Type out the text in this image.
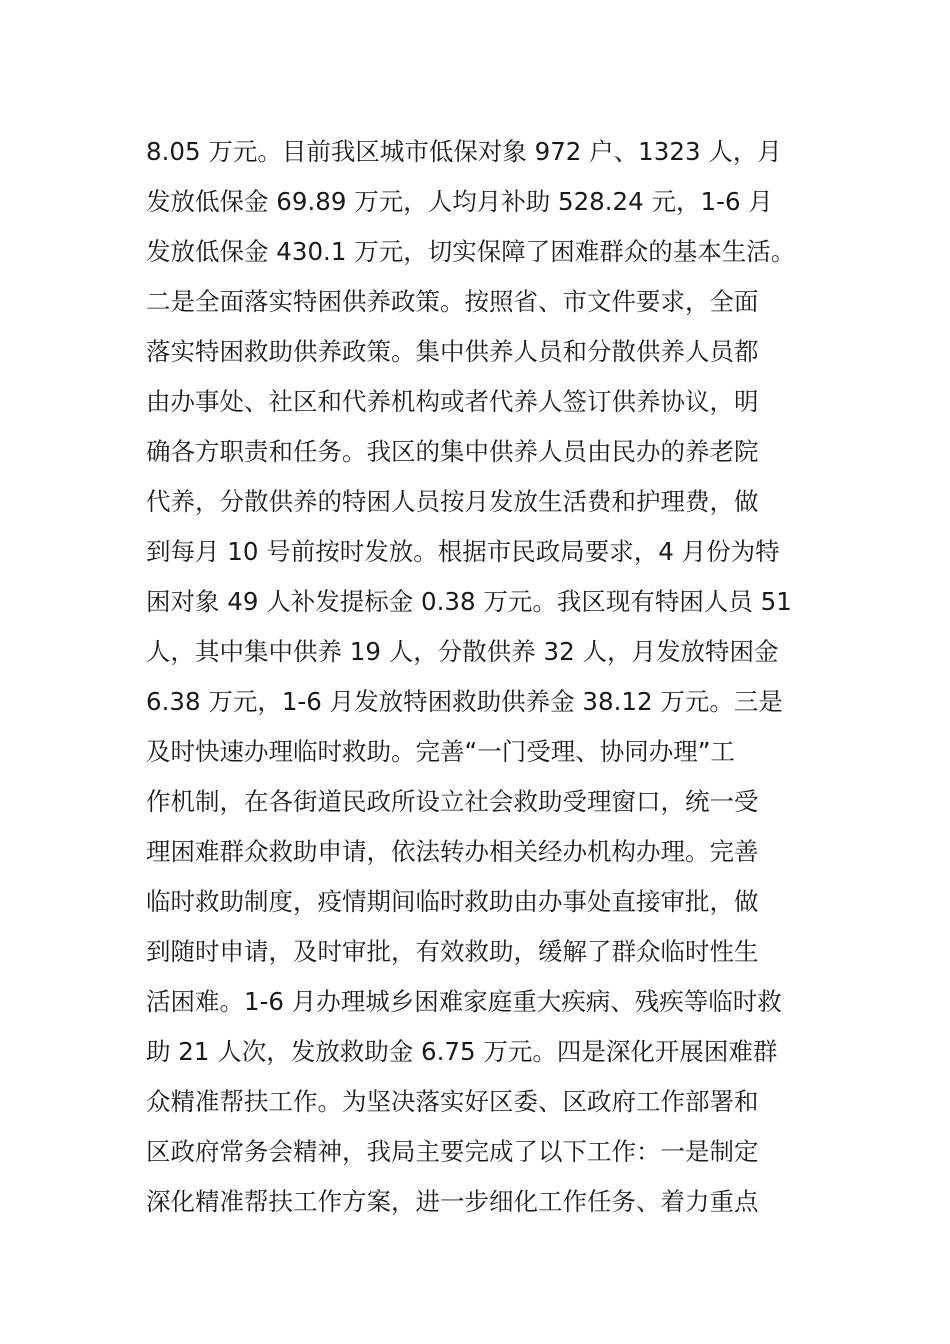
8.05 万元。目前我区城市低保对象 972 户、1323 人，月
发放低保金 69.89 万元，人均月补助 528.24 元，1-6 月
发放低保金 430.1 万元，切实保障了困难群众的基本生活。
二是全面落实特困供养政策。按照省、市文件要求，全面
落实特困救助供养政策。集中供养人员和分散供养人员都
由办事处、社区和代养机构或者代养人签订供养协议，明
确各方职责和任务。我区的集中供养人员由民办的养老院
代养，分散供养的特困人员按月发放生活费和护理费，做
到每月 10 号前按时发放。根据市民政局要求，4 月份为特
困对象 49 人补发提标金 0.38 万元。我区现有特困人员 51
人，其中集中供养 19 人，分散供养 32 人，月发放特困金
6.38 万元，1-6 月发放特困救助供养金 38.12 万元。三是
及时快速办理临时救助。完善“一门受理、协同办理”工
作机制，在各街道民政所设立社会救助受理窗口，统一受
理困难群众救助申请，依法转办相关经办机构办理。完善
临时救助制度，疫情期间临时救助由办事处直接审批，做
到随时申请，及时审批，有效救助，缓解了群众临时性生
活困难。1-6 月办理城乡困难家庭重大疾病、残疾等临时救
助 21 人次，发放救助金 6.75 万元。四是深化开展困难群
众精准帮扶工作。为坚决落实好区委、区政府工作部署和
区政府常务会精神，我局主要完成了以下工作：一是制定
深化精准帮扶工作方案，进一步细化工作任务、着力重点
